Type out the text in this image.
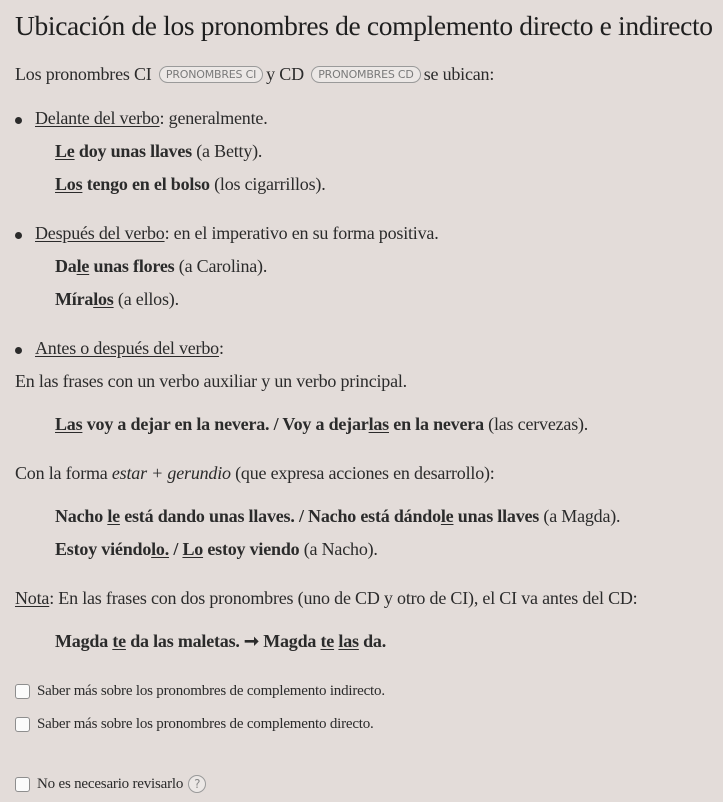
Ubicación de los pronombres de complemento directo e indirecto
Los pronombres CI PRONOMBRES CI y CD PRONOMBRES CD se ubican:
Delante del verbo: generalmente.
Le doy unas llaves (a Betty).
Los tengo en el bolso (los cigarrillos).
Después del verbo: en el imperativo en su forma positiva.
Dale unas flores (a Carolina).
Míralos (a ellos).
Antes o después del verbo:
En las frases con un verbo auxiliar y un verbo principal.
Las voy a dejar en la nevera. / Voy a dejarlas en la nevera (las cervezas).
Con la forma estar + gerundio (que expresa acciones en desarrollo):
Nacho le está dando unas llaves. / Nacho está dándole unas llaves (a Magda).
Estoy viéndolo. / Lo estoy viendo (a Nacho).
Nota: En las frases con dos pronombres (uno de CD y otro de CI), el CI va antes del CD:
Magda te da las maletas. ➞ Magda te las da.
Saber más sobre los pronombres de complemento indirecto.
Saber más sobre los pronombres de complemento directo.
No es necesario revisarlo ?
